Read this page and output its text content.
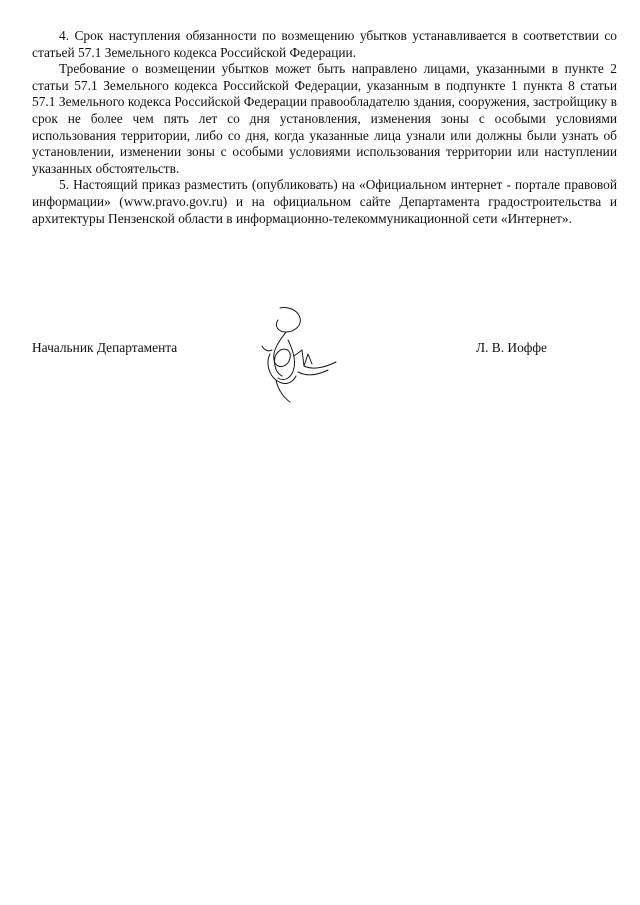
4. Срок наступления обязанности по возмещению убытков устанавливается в соответствии со статьей 57.1 Земельного кодекса Российской Федерации.

Требование о возмещении убытков может быть направлено лицами, указанными в пункте 2 статьи 57.1 Земельного кодекса Российской Федерации, указанным в подпункте 1 пункта 8 статьи 57.1 Земельного кодекса Российской Федерации правообладателю здания, сооружения, застройщику в срок не более чем пять лет со дня установления, изменения зоны с особыми условиями использования территории, либо со дня, когда указанные лица узнали или должны были узнать об установлении, изменении зоны с особыми условиями использования территории или наступлении указанных обстоятельств.

5. Настоящий приказ разместить (опубликовать) на «Официальном интернет - портале правовой информации» (www.pravo.gov.ru) и на официальном сайте Департамента градостроительства и архитектуры Пензенской области в информационно-телекоммуникационной сети «Интернет».

Начальник Департамента	Л. В. Иоффе
